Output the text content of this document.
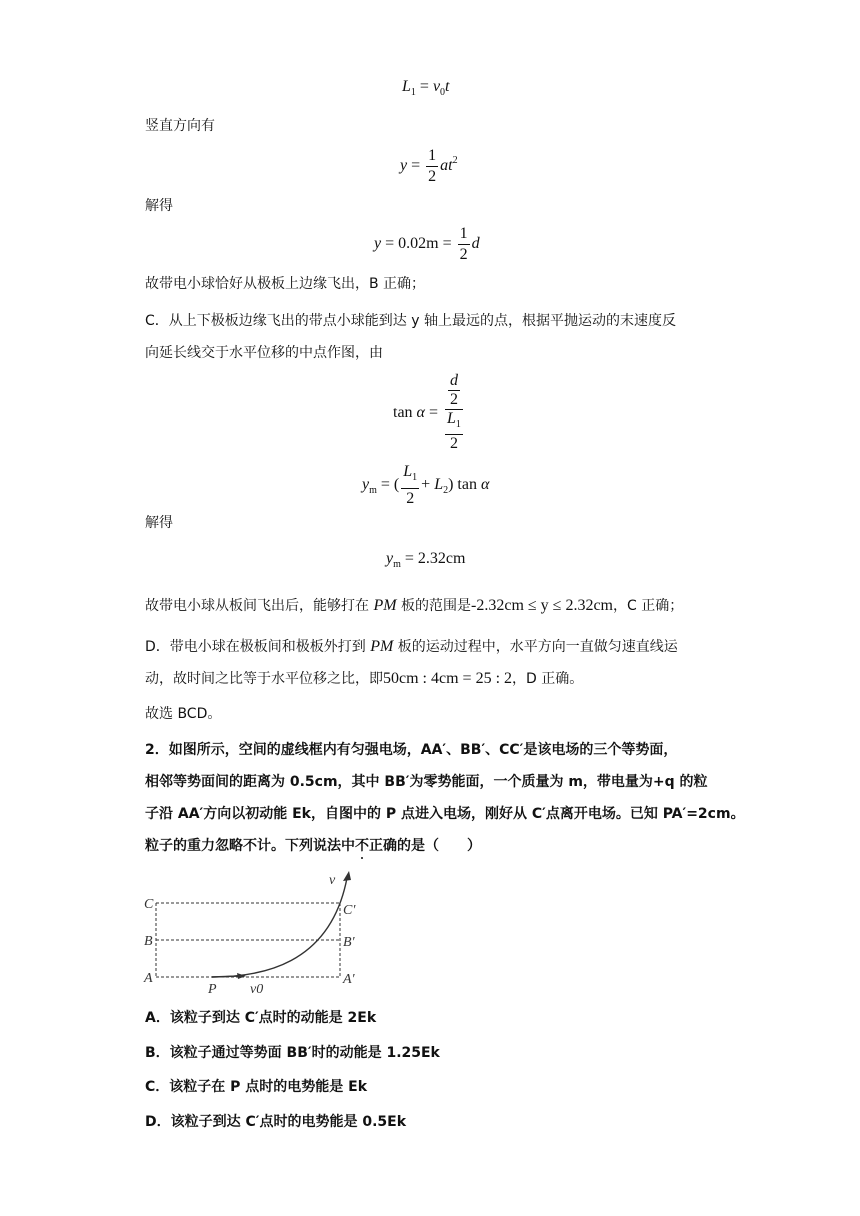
$L_1 = v_0t$
竖直方向有
$y = \frac{1}{2} at^2$
解得
$y = 0.02m = \frac{1}{2}$ d
故带电小球恰好从极板上边缘飞出，B 正确；
C．从上下极板边缘飞出的带点小球能到达 y 轴上最远的点，根据平抛运动的末速度反
向延长线交于水平位移的中点作图，由
tan
α =
d
2
$L_1$
2
$y_m$ = ( $\frac{L_1}{2} + L_2$) tan α
解得
$y_m = 2.32cm$
故带电小球从板间飞出后，能够打在 PM 板的范围是-2.32cm ≤ y ≤ 2.32cm，C 正确；
D．带电小球在极板间和极板外打到 PM 板的运动过程中，水平方向一直做匀速直线运
动，故时间之比等于水平位移之比，即50cm : 4cm = 25 : 2，D 正确。
故选 BCD。
2．如图所示，空间的虚线框内有匀强电场，AA′、BB′、CC′是该电场的三个等势面，
相邻等势面间的距离为 0.5cm，其中 BB′为零势能面，一个质量为 m，带电量为+q 的粒
子沿 AA′方向以初动能 Ek，自图中的 P 点进入电场，刚好从 C′点离开电场。已知 PA′=2cm。
粒子的重力忽略不计。下列说法中不正确的是（　　）
C
B
A
P
C′
B′
A′
v
v0
A．该粒子到达 C′点时的动能是 2Ek
B．该粒子通过等势面 BB′时的动能是 1.25Ek
C．该粒子在 P 点时的电势能是 Ek
D．该粒子到达 C′点时的电势能是 0.5Ek
